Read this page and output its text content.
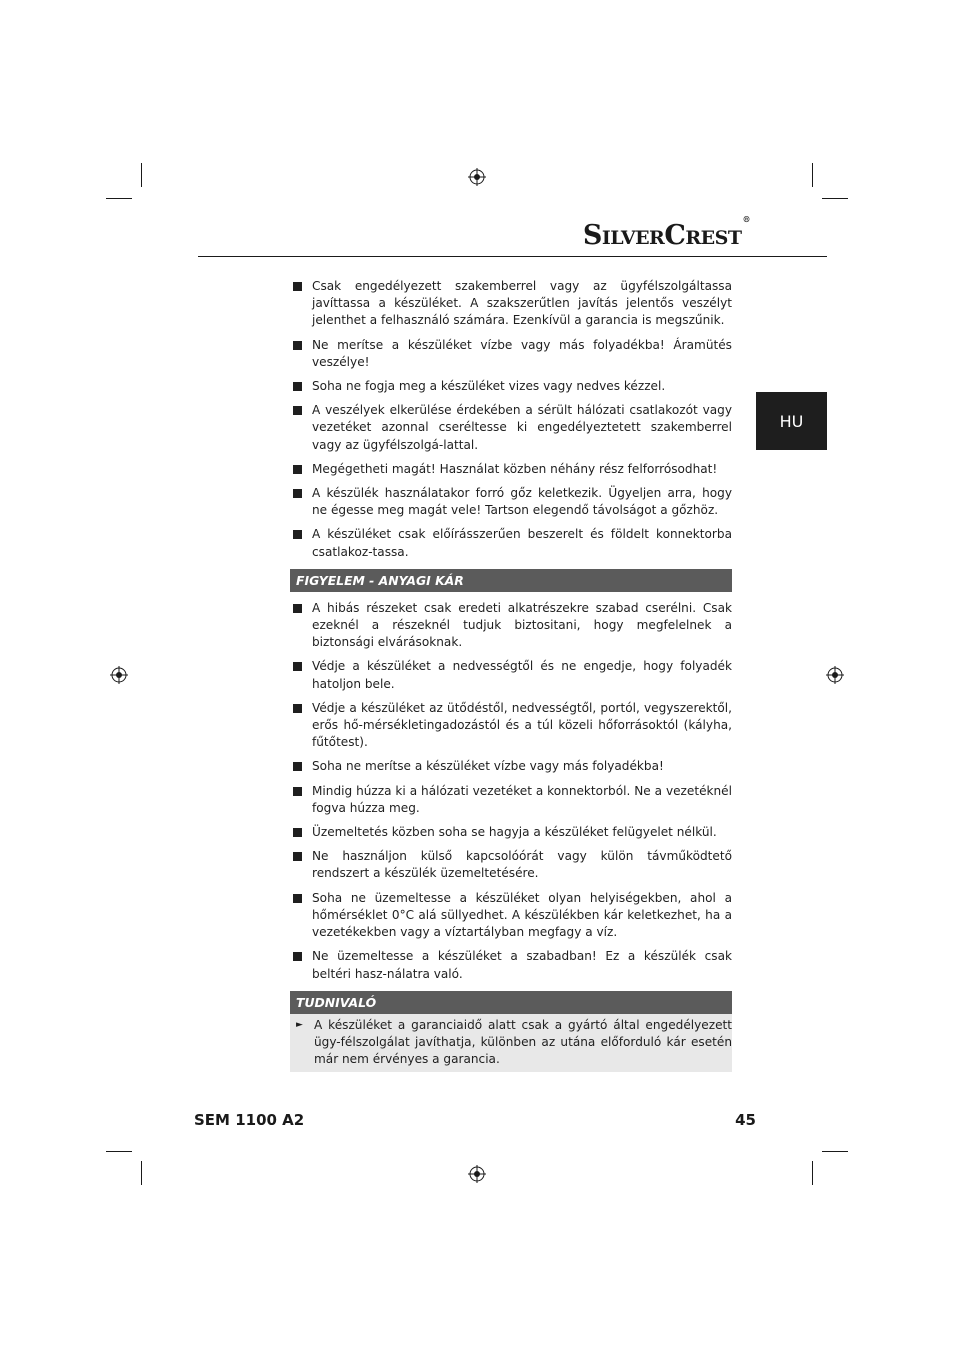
SilverCrest®
HU
Csak engedélyezett szakemberrel vagy az ügyfélszolgáltassa javíttassa a készüléket. A szakszerűtlen javítás jelentős veszélyt jelenthet a felhasználó számára. Ezenkívül a garancia is megszűnik.
Ne merítse a készüléket vízbe vagy más folyadékba! Áramütés veszélye!
Soha ne fogja meg a készüléket vizes vagy nedves kézzel.
A veszélyek elkerülése érdekében a sérült hálózati csatlakozót vagy vezetéket azonnal cseréltesse ki engedélyeztetett szakemberrel vagy az ügyfélszolgá-lattal.
Megégetheti magát! Használat közben néhány rész felforrósodhat!
A készülék használatakor forró gőz keletkezik. Ügyeljen arra, hogy ne égesse meg magát vele! Tartson elegendő távolságot a gőzhöz.
A készüléket csak előírásszerűen beszerelt és földelt konnektorba csatlakoz-tassa.
FIGYELEM - ANYAGI KÁR
A hibás részeket csak eredeti alkatrészekre szabad cserélni. Csak ezeknél a részeknél tudjuk biztositani, hogy megfelelnek a biztonsági elvárásoknak.
Védje a készüléket a nedvességtől és ne engedje, hogy folyadék hatoljon bele.
Védje a készüléket az ütődéstől, nedvességtől, portól, vegyszerektől, erős hő-mérsékletingadozástól és a túl közeli hőforrásoktól (kályha, fűtőtest).
Soha ne merítse a készüléket vízbe vagy más folyadékba!
Mindig húzza ki a hálózati vezetéket a konnektorból. Ne a vezetéknél fogva húzza meg.
Üzemeltetés közben soha se hagyja a készüléket felügyelet nélkül.
Ne használjon külső kapcsolóórát vagy külön távműködtető rendszert a készülék üzemeltetésére.
Soha ne üzemeltesse a készüléket olyan helyiségekben, ahol a hőmérséklet 0°C alá süllyedhet. A készülékben kár keletkezhet, ha a vezetékekben vagy a víztartályban megfagy a víz.
Ne üzemeltesse a készüléket a szabadban! Ez a készülék csak beltéri hasz-nálatra való.
TUDNIVALÓ
► A készüléket a garanciaidő alatt csak a gyártó által engedélyezett ügy-félszolgálat javíthatja, különben az utána előforduló kár esetén már nem érvényes a garancia.
SEM 1100 A2	45
